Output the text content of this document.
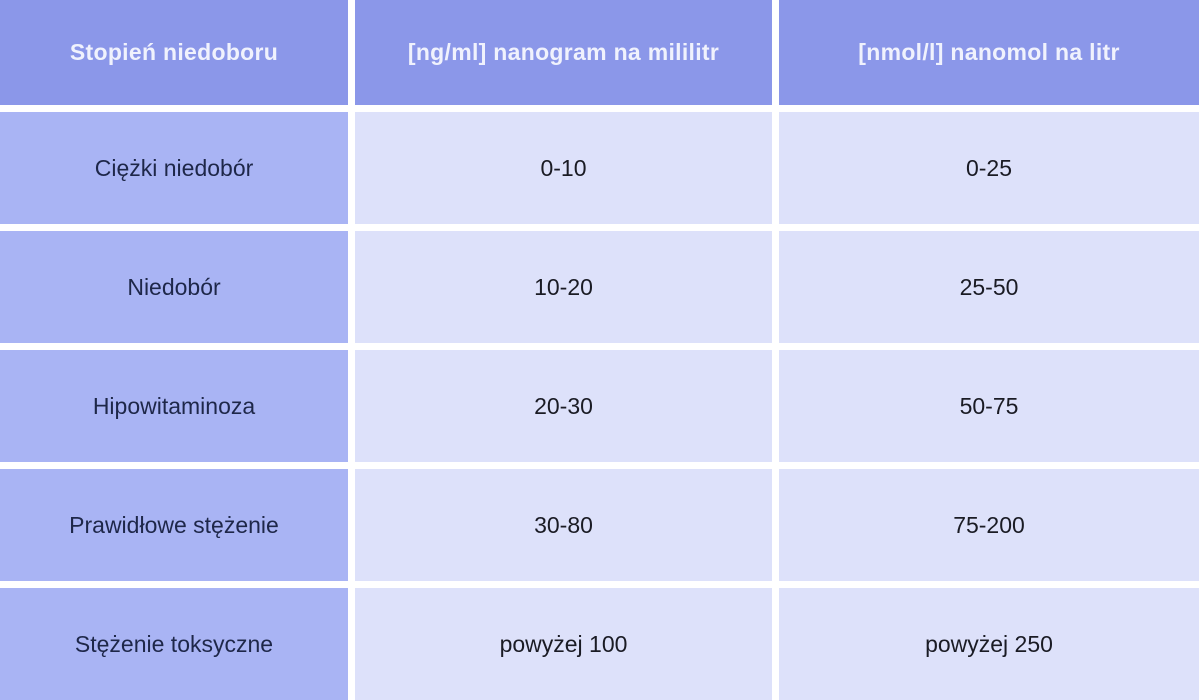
Stopień niedoboru	[ng/ml] nanogram na mililitr	[nmol/l] nanomol na litr
Ciężki niedobór	0-10	0-25
Niedobór	10-20	25-50
Hipowitaminoza	20-30	50-75
Prawidłowe stężenie	30-80	75-200
Stężenie toksyczne	powyżej 100	powyżej 250
